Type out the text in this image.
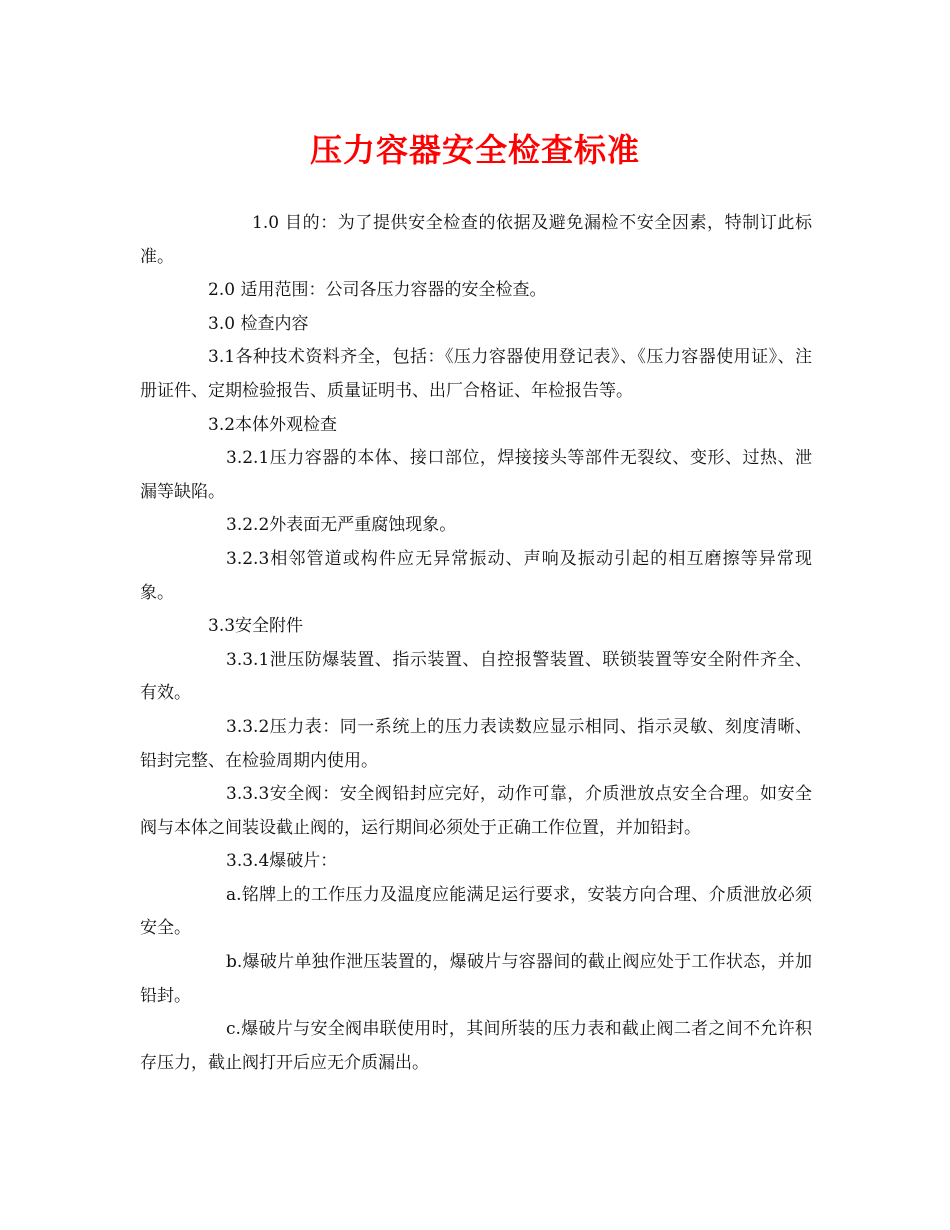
压力容器安全检查标准

1.0 目的：为了提供安全检查的依据及避免漏检不安全因素，特制订此标准。

2.0 适用范围：公司各压力容器的安全检查。

3.0 检查内容

3.1各种技术资料齐全，包括：《压力容器使用登记表》、《压力容器使用证》、注册证件、定期检验报告、质量证明书、出厂合格证、年检报告等。

3.2本体外观检查

3.2.1压力容器的本体、接口部位，焊接接头等部件无裂纹、变形、过热、泄漏等缺陷。

3.2.2外表面无严重腐蚀现象。

3.2.3相邻管道或构件应无异常振动、声响及振动引起的相互磨擦等异常现象。

3.3安全附件

3.3.1泄压防爆装置、指示装置、自控报警装置、联锁装置等安全附件齐全、有效。

3.3.2压力表：同一系统上的压力表读数应显示相同、指示灵敏、刻度清晰、铅封完整、在检验周期内使用。

3.3.3安全阀：安全阀铅封应完好，动作可靠，介质泄放点安全合理。如安全阀与本体之间装设截止阀的，运行期间必须处于正确工作位置，并加铅封。

3.3.4爆破片：

a.铭牌上的工作压力及温度应能满足运行要求，安装方向合理、介质泄放必须安全。

b.爆破片单独作泄压装置的，爆破片与容器间的截止阀应处于工作状态，并加铅封。

c.爆破片与安全阀串联使用时，其间所装的压力表和截止阀二者之间不允许积存压力，截止阀打开后应无介质漏出。
